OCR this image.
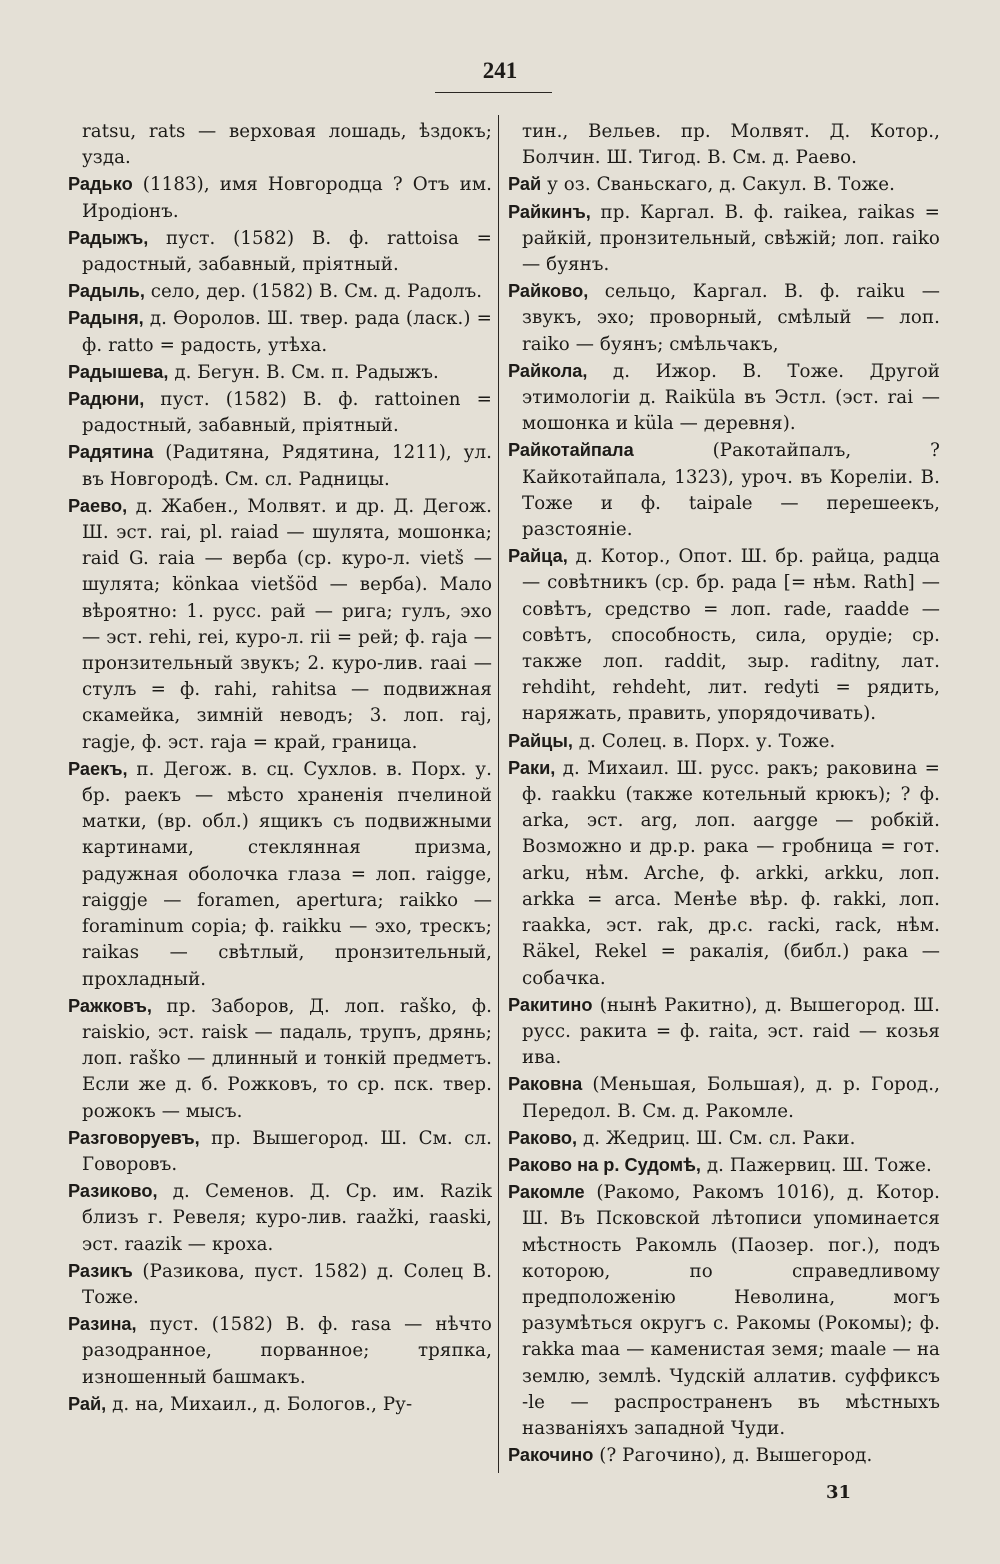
241
ratsu, rats — верховая лошадь, ѣздокъ; узда.
Радько (1183), имя Новгородца ? Отъ им. Иродіонъ.
Радыжъ, пуст. (1582) В. ф. rattoisa = радостный, забавный, пріятный.
Радыль, село, дер. (1582) В. См. д. Радолъ.
Радыня, д. Ѳоролов. Ш. твер. рада (ласк.) = ф. ratto = радость, утѣха.
Радышева, д. Бегун. В. См. п. Радыжъ.
Радюни, пуст. (1582) В. ф. rattoinen = радостный, забавный, пріятный.
Радятина (Радитяна, Рядятина, 1211), ул. въ Новгородѣ. См. сл. Радницы.
Раево, д. Жабен., Молвят. и др. Д. Дегож. Ш. эст. rai, pl. raiad — шулята, мошонка; raid G. raia — верба (ср. куро-л. vietš — шулята; könkaa vietšöd — верба). Мало вѣроятно: 1. русс. рай — рига; гулъ, эхо — эст. rehi, rei, куро-л. rii = рей; ф. raja — пронзительный звукъ; 2. куро-лив. raai — стулъ = ф. rahi, rahitsa — подвижная скамейка, зимній неводъ; 3. лоп. raj, ragje, ф. эст. raja = край, граница.
Раекъ, п. Дегож. в. сц. Сухлов. в. Порх. у. бр. раекъ — мѣсто храненія пчелиной матки, (вр. обл.) ящикъ съ подвижными картинами, стеклянная призма, радужная оболочка глаза = лоп. raigge, raiggje — foramen, apertura; raikko — foraminum copia; ф. raikku — эхо, трескъ; raikas — свѣтлый, пронзительный, прохладный.
Ражковъ, пр. Заборов, Д. лоп. raško, ф. raiskio, эст. raisk — падаль, трупъ, дрянь; лоп. raško — длинный и тонкій предметъ. Если же д. б. Рожковъ, то ср. пск. твер. рожокъ — мысъ.
Разговоруевъ, пр. Вышегород. Ш. См. сл. Говоровъ.
Разиково, д. Семенов. Д. Ср. им. Razik близъ г. Ревеля; куро-лив. raažki, raaski, эст. raazik — кроха.
Разикъ (Разикова, пуст. 1582) д. Солец В. Тоже.
Разина, пуст. (1582) В. ф. rasa — нѣчто разодранное, порванное; тряпка, изношенный башмакъ.
Рай, д. на, Михаил., д. Бологов., Ру-
тин., Вельев. пр. Молвят. Д. Котор., Болчин. Ш. Тигод. В. См. д. Раево.
Рай у оз. Сваньскаго, д. Сакул. В. Тоже.
Райкинъ, пр. Каргал. В. ф. raikea, raikas = райкій, пронзительный, свѣжій; лоп. raiko — буянъ.
Райково, сельцо, Каргал. В. ф. raiku — звукъ, эхо; проворный, смѣлый — лоп. raiko — буянъ; смѣльчакъ,
Райкола, д. Ижор. В. Тоже. Другой этимологіи д. Raiküla въ Эстл. (эст. rai — мошонка и küla — деревня).
Райкотайпала (Ракотайпалъ, ? Кайкотайпала, 1323), уроч. въ Кореліи. В. Тоже и ф. taipale — перешеекъ, разстояніе.
Райца, д. Котор., Опот. Ш. бр. райца, радца — совѣтникъ (ср. бр. рада [= нѣм. Rath] — совѣтъ, средство = лоп. rade, raadde — совѣтъ, способность, сила, орудіе; ср. также лоп. raddit, зыр. raditny, лат. rehdiht, rehdeht, лит. redyti = рядить, наряжать, править, упорядочивать).
Райцы, д. Солец. в. Порх. у. Тоже.
Раки, д. Михаил. Ш. русс. ракъ; раковина = ф. raakku (также котельный крюкъ); ? ф. arka, эст. arg, лоп. aargge — робкій. Возможно и др.р. рака — гробница = гот. arku, нѣм. Arche, ф. arkki, arkku, лоп. arkka = arca. Менѣе вѣр. ф. rakki, лоп. raakka, эст. rak, др.с. racki, rack, нѣм. Räkel, Rekel = ракалія, (библ.) рака — собачка.
Ракитино (нынѣ Ракитно), д. Вышегород. Ш. русс. ракита = ф. raita, эст. raid — козья ива.
Раковна (Меньшая, Большая), д. р. Город., Передол. В. См. д. Ракомле.
Раково, д. Жедриц. Ш. См. сл. Раки.
Раково на р. Судомѣ, д. Пажервиц. Ш. Тоже.
Ракомле (Ракомо, Ракомъ 1016), д. Котор. Ш. Въ Псковской лѣтописи упоминается мѣстность Ракомль (Паозер. пог.), подъ которою, по справедливому предположенію Неволина, могъ разумѣться округъ с. Ракомы (Рокомы); ф. rakka maa — каменистая земя; maale — на землю, землѣ. Чудскій аллатив. суффиксъ -le — распространенъ въ мѣстныхъ названіяхъ западной Чуди.
Ракочино (? Рагочино), д. Вышегород.
31
